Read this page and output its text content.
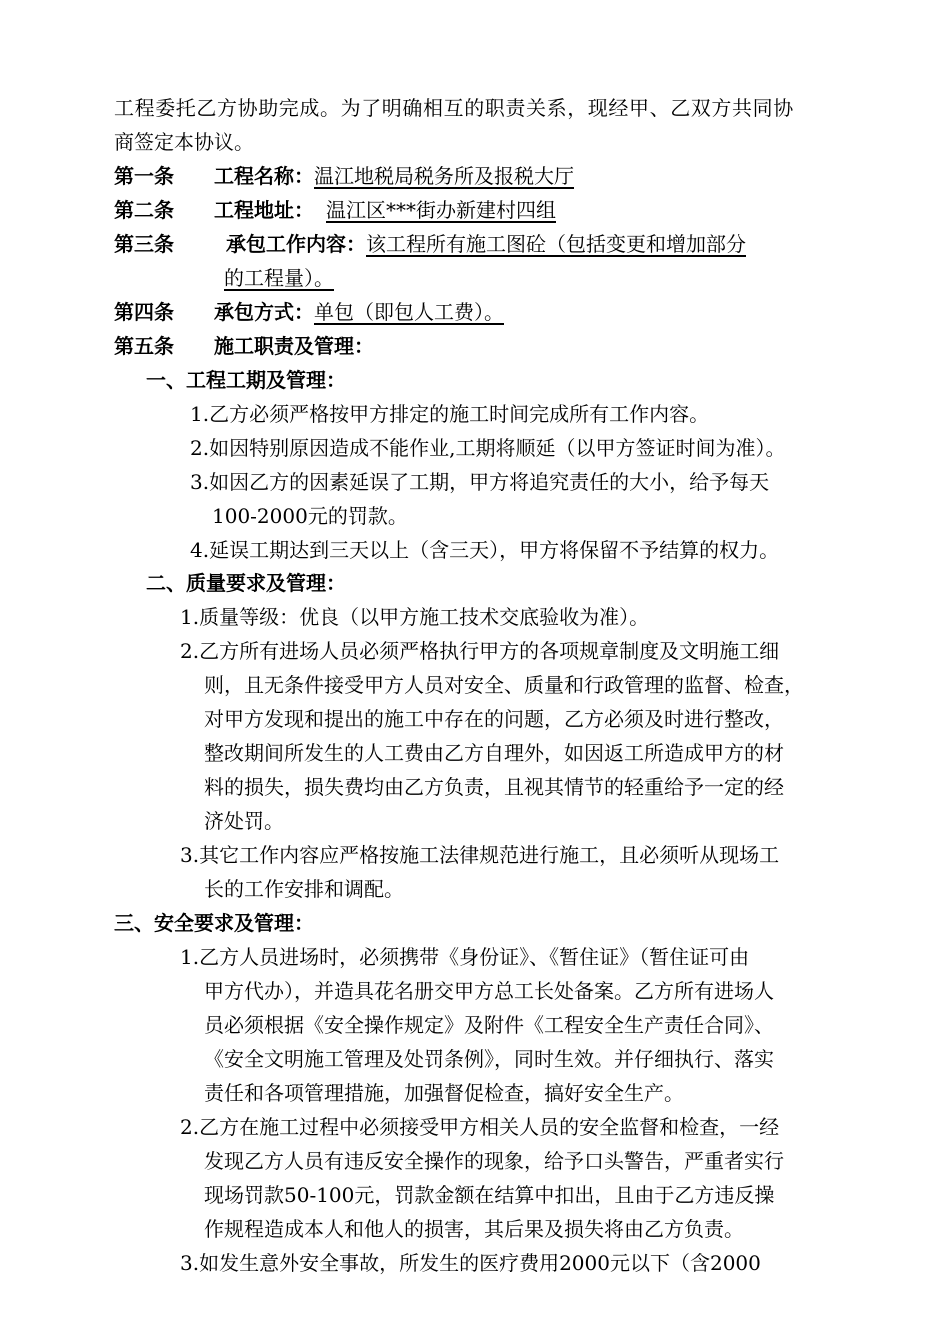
工程委托乙方协助完成。为了明确相互的职责关系，现经甲、乙双方共同协
商签定本协议。
第一条 工程名称：温江地税局税务所及报税大厅
第二条 工程地址： 温江区***街办新建村四组
第三条	承包工作内容：该工程所有施工图砼（包括变更和增加部分
的工程量）。
第四条 承包方式：单包（即包人工费）。
第五条 施工职责及管理：
一、工程工期及管理：
1.乙方必须严格按甲方排定的施工时间完成所有工作内容。
2.如因特别原因造成不能作业,工期将顺延（以甲方签证时间为准）。
3.如因乙方的因素延误了工期，甲方将追究责任的大小，给予每天
100-2000元的罚款。
4.延误工期达到三天以上（含三天），甲方将保留不予结算的权力。
二、质量要求及管理：
1.质量等级：优良（以甲方施工技术交底验收为准）。
2.乙方所有进场人员必须严格执行甲方的各项规章制度及文明施工细
则，且无条件接受甲方人员对安全、质量和行政管理的监督、检查，
对甲方发现和提出的施工中存在的问题，乙方必须及时进行整改，
整改期间所发生的人工费由乙方自理外，如因返工所造成甲方的材
料的损失，损失费均由乙方负责，且视其情节的轻重给予一定的经
济处罚。
3.其它工作内容应严格按施工法律规范进行施工，且必须听从现场工
长的工作安排和调配。
三、安全要求及管理：
1.乙方人员进场时，必须携带《身份证》、《暂住证》（暂住证可由
甲方代办），并造具花名册交甲方总工长处备案。乙方所有进场人
员必须根据《安全操作规定》及附件《工程安全生产责任合同》、
《安全文明施工管理及处罚条例》，同时生效。并仔细执行、落实
责任和各项管理措施，加强督促检查，搞好安全生产。
2.乙方在施工过程中必须接受甲方相关人员的安全监督和检查，一经
发现乙方人员有违反安全操作的现象，给予口头警告，严重者实行
现场罚款50-100元，罚款金额在结算中扣出，且由于乙方违反操
作规程造成本人和他人的损害，其后果及损失将由乙方负责。
3.如发生意外安全事故，所发生的医疗费用2000元以下（含2000
